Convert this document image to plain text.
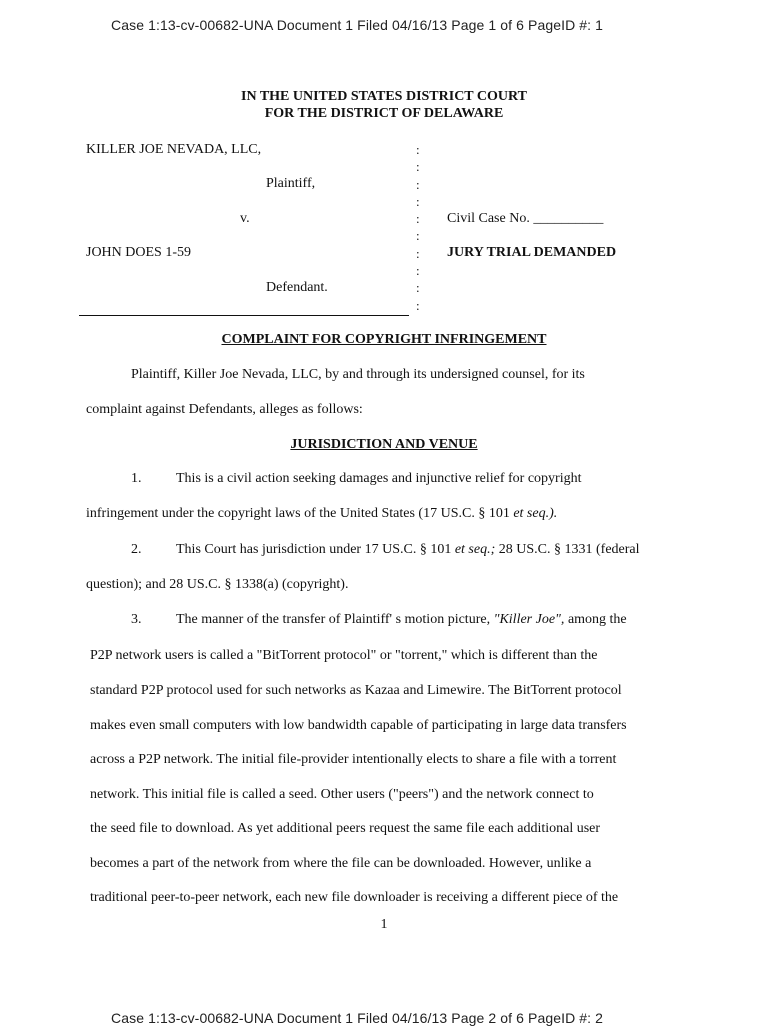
Case 1:13-cv-00682-UNA Document 1 Filed 04/16/13 Page 1 of 6 PageID #: 1
IN THE UNITED STATES DISTRICT COURT
FOR THE DISTRICT OF DELAWARE
KILLER JOE NEVADA, LLC,
Plaintiff,
v.
JOHN DOES 1-59
Defendant.
:
:
:
:
:
:
:
:
:
:
Civil Case No. __________
JURY TRIAL DEMANDED
COMPLAINT FOR COPYRIGHT INFRINGEMENT
Plaintiff, Killer Joe Nevada, LLC, by and through its undersigned counsel, for its
complaint against Defendants, alleges as follows:
JURISDICTION AND VENUE
1. This is a civil action seeking damages and injunctive relief for copyright
infringement under the copyright laws of the United States (17 US.C. § 101 et seq.).
2. This Court has jurisdiction under 17 US.C. § 101 et seq.; 28 US.C. § 1331 (federal
question); and 28 US.C. § 1338(a) (copyright).
3. The manner of the transfer of Plaintiff' s motion picture, "Killer Joe", among the
P2P network users is called a "BitTorrent protocol" or "torrent," which is different than the
standard P2P protocol used for such networks as Kazaa and Limewire. The BitTorrent protocol
makes even small computers with low bandwidth capable of participating in large data transfers
across a P2P network. The initial file-provider intentionally elects to share a file with a torrent
network. This initial file is called a seed. Other users ("peers") and the network connect to
the seed file to download. As yet additional peers request the same file each additional user
becomes a part of the network from where the file can be downloaded. However, unlike a
traditional peer-to-peer network, each new file downloader is receiving a different piece of the
1
Case 1:13-cv-00682-UNA Document 1 Filed 04/16/13 Page 2 of 6 PageID #: 2
